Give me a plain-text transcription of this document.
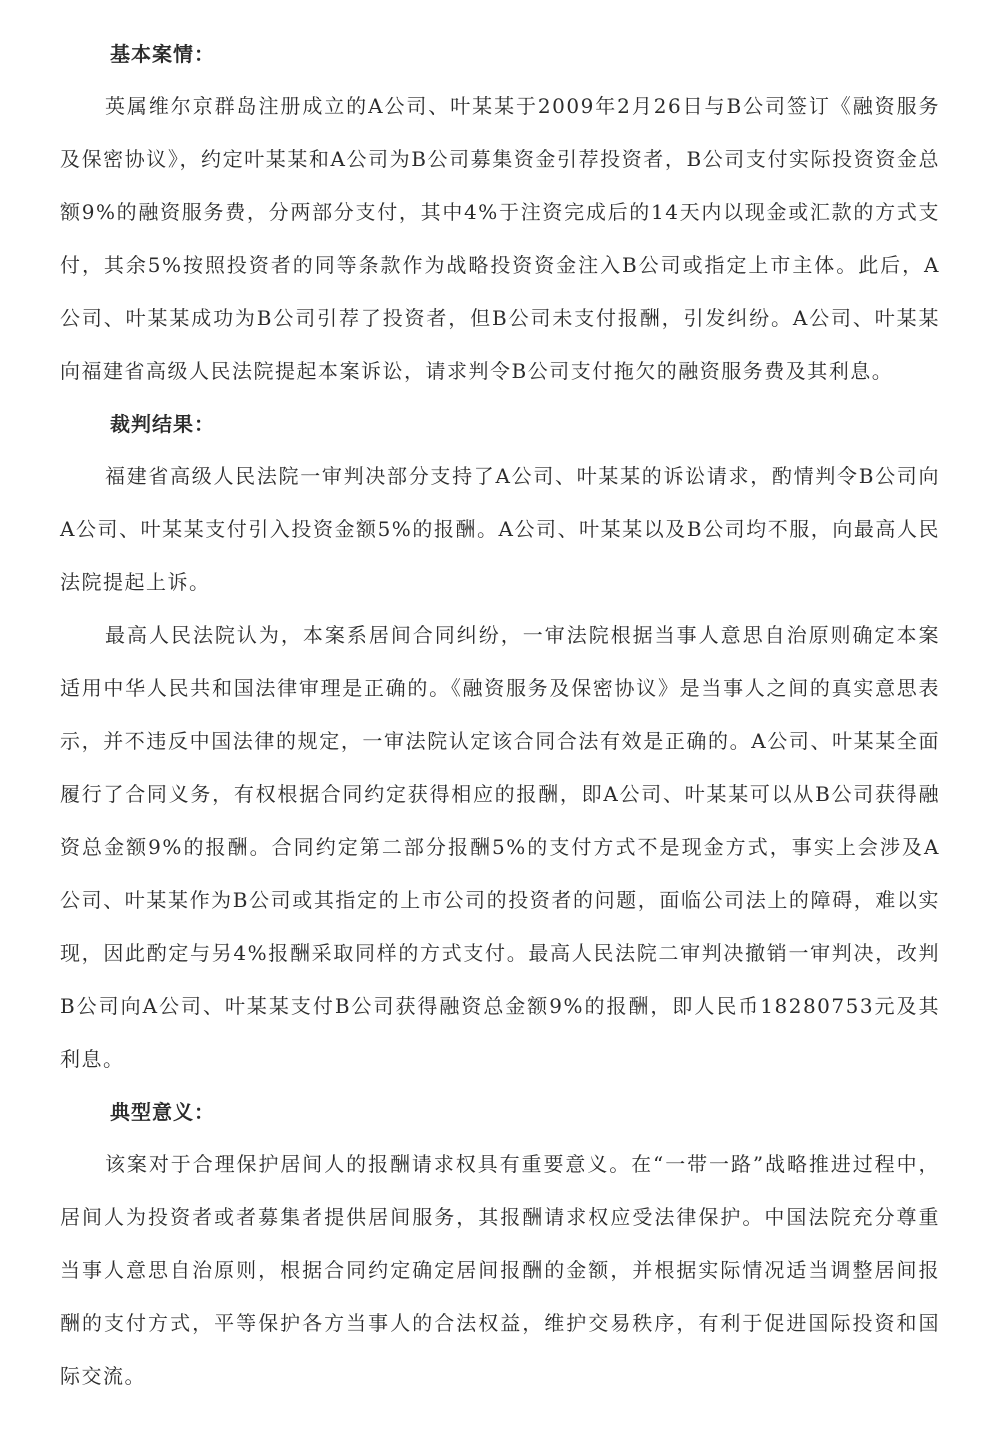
基本案情：

英属维尔京群岛注册成立的A公司、叶某某于2009年2月26日与B公司签订《融资服务及保密协议》，约定叶某某和A公司为B公司募集资金引荐投资者，B公司支付实际投资资金总额9%的融资服务费，分两部分支付，其中4%于注资完成后的14天内以现金或汇款的方式支付，其余5%按照投资者的同等条款作为战略投资资金注入B公司或指定上市主体。此后，A公司、叶某某成功为B公司引荐了投资者，但B公司未支付报酬，引发纠纷。A公司、叶某某向福建省高级人民法院提起本案诉讼，请求判令B公司支付拖欠的融资服务费及其利息。

裁判结果：

福建省高级人民法院一审判决部分支持了A公司、叶某某的诉讼请求，酌情判令B公司向A公司、叶某某支付引入投资金额5%的报酬。A公司、叶某某以及B公司均不服，向最高人民法院提起上诉。

最高人民法院认为，本案系居间合同纠纷，一审法院根据当事人意思自治原则确定本案适用中华人民共和国法律审理是正确的。《融资服务及保密协议》是当事人之间的真实意思表示，并不违反中国法律的规定，一审法院认定该合同合法有效是正确的。A公司、叶某某全面履行了合同义务，有权根据合同约定获得相应的报酬，即A公司、叶某某可以从B公司获得融资总金额9%的报酬。合同约定第二部分报酬5%的支付方式不是现金方式，事实上会涉及A公司、叶某某作为B公司或其指定的上市公司的投资者的问题，面临公司法上的障碍，难以实现，因此酌定与另4%报酬采取同样的方式支付。最高人民法院二审判决撤销一审判决，改判B公司向A公司、叶某某支付B公司获得融资总金额9%的报酬，即人民币18280753元及其利息。

典型意义：

该案对于合理保护居间人的报酬请求权具有重要意义。在“一带一路”战略推进过程中，居间人为投资者或者募集者提供居间服务，其报酬请求权应受法律保护。中国法院充分尊重当事人意思自治原则，根据合同约定确定居间报酬的金额，并根据实际情况适当调整居间报酬的支付方式，平等保护各方当事人的合法权益，维护交易秩序，有利于促进国际投资和国际交流。
